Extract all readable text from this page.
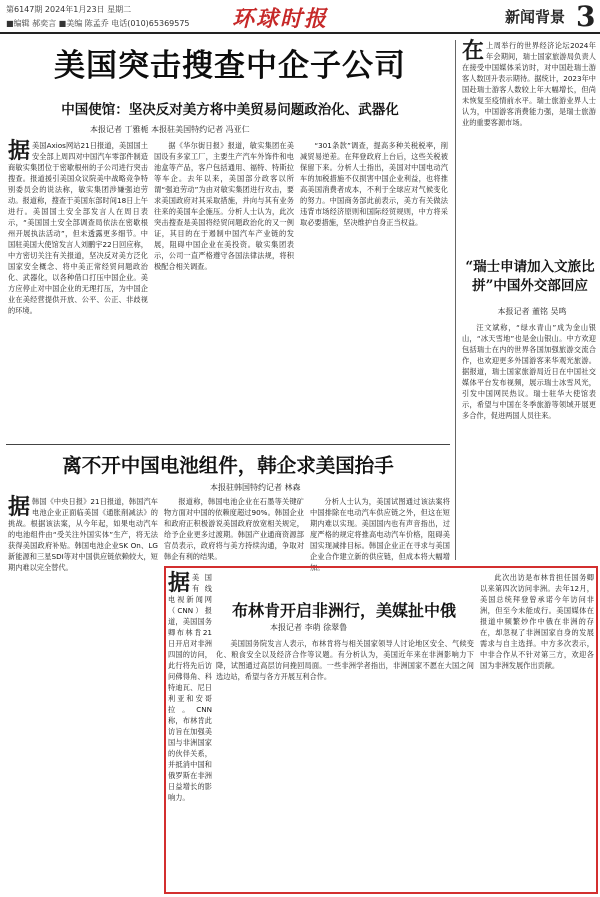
第6147期 2024年1月23日 星期二
■编辑 郝奕言 ■美编 陈孟乔 电话(010)65369575 环球时报	新闻背景 3
美国突击搜查中企子公司
中国使馆：坚决反对美方将中美贸易问题政治化、武器化
本报记者 丁雅栀 本报驻美国特约记者 冯亚仁
据 美国Axios网站21日报道，美国国土安全部上周四对中国汽车零部件制造商敏实集团位于密歇根州的子公司进行突击搜查。报道援引美国众议院美中战略竞争特别委员会的说法称，敏实集团涉嫌强迫劳动。报道称，搜查于美国东部时间18日上午进行。美国国土安全部发言人在周日表示，“美国国土安全部调查局依法在密歇根州开展执法活动”，但未透露更多细节。中国驻美国大使馆发言人刘鹏宇22日回应称，中方密切关注有关报道，坚决反对美方泛化国家安全概念、将中美正常经贸问题政治化、武器化，以各种借口打压中国企业。美方应停止对中国企业的无理打压，为中国企业在美经营提供开放、公平、公正、非歧视的环境。

据《华尔街日报》报道，敏实集团在美国设有多家工厂，主要生产汽车外饰件和电池盒等产品，客户包括通用、福特、特斯拉等车企。去年以来，美国部分政客以所谓“强迫劳动”为由对敏实集团进行攻击，要求美国政府对其采取措施，并向与其有业务往来的美国车企施压。分析人士认为，此次突击搜查是美国将经贸问题政治化的又一例证，其目的在于遏制中国汽车产业链的发展，阻碍中国企业在美投资。敏实集团表示，公司一直严格遵守各国法律法规，将积极配合相关调查。

“301条款”调查，提高多种关税税率，削减贸易逆差。在拜登政府上台后，这些关税被保留下来。分析人士指出，美国对中国电动汽车的加税措施不仅损害中国企业利益，也将推高美国消费者成本，不利于全球应对气候变化的努力。中国商务部此前表示，美方有关做法违背市场经济原则和国际经贸规则，中方将采取必要措施，坚决维护自身正当权益。

离不开中国电池组件，韩企求美国抬手
本报驻韩国特约记者 林森
据 韩国《中央日报》21日报道，韩国汽车电池企业正面临美国《通胀削减法》的挑战。根据该法案，从今年起，如果电动汽车的电池组件由“受关注外国实体”生产，将无法获得美国政府补贴。韩国电池企业SK On、LG新能源和三星SDI等对中国供应链依赖较大，短期内难以完全替代。

报道称，韩国电池企业在石墨等关键矿物方面对中国的依赖度超过90%。韩国企业和政府正积极游说美国政府放宽相关规定，给予企业更多过渡期。韩国产业通商资源部官员表示，政府将与美方持续沟通，争取对韩企有利的结果。

分析人士认为，美国试图通过该法案将中国排除在电动汽车供应链之外，但这在短期内难以实现。美国国内也有声音指出，过度严格的规定将推高电动汽车价格，阻碍美国实现减排目标。韩国企业正在寻求与美国企业合作建立新的供应链，但成本将大幅增加。

在 上周举行的世界经济论坛2024年年会期间，瑞士国家旅游局负责人在接受中国媒体采访时，对中国赴瑞士游客人数回升表示期待。据统计，2023年中国赴瑞士游客人数较上年大幅增长，但尚未恢复至疫情前水平。瑞士旅游业界人士认为，中国游客消费能力强，是瑞士旅游业的重要客源市场。
“瑞士申请加入文旅比拼”中国外交部回应
本报记者 董铭 吴鸣

汪文斌称，“绿水青山”成为金山银山，“冰天雪地”也是金山银山。中方欢迎包括瑞士在内的世界各国加强旅游交流合作，也欢迎更多外国游客来华观光旅游。据报道，瑞士国家旅游局近日在中国社交媒体平台发布视频，展示瑞士冰雪风光，引发中国网民热议。瑞士驻华大使馆表示，希望与中国在冬季旅游等领域开展更多合作，促进两国人员往来。

布林肯开启非洲行，美媒扯中俄
本报记者 李萌 徐翠鲁
据 美国有线电视新闻网（CNN）报道，美国国务卿布林肯21日开启对非洲四国的访问，此行将先后访问佛得角、科特迪瓦、尼日利亚和安哥拉。CNN称，布林肯此访旨在加强美国与非洲国家的伙伴关系，并抵消中国和俄罗斯在非洲日益增长的影响力。

美国国务院发言人表示，布林肯将与相关国家领导人讨论地区安全、气候变化、粮食安全以及经济合作等议题。有分析认为，美国近年来在非洲影响力下降，试图通过高层访问挽回局面。一些非洲学者指出，非洲国家不愿在大国之间选边站，希望与各方开展互利合作。

此次出访是布林肯担任国务卿以来第四次访问非洲。去年12月，美国总统拜登曾承诺今年访问非洲，但至今未能成行。美国媒体在报道中频繁炒作中俄在非洲的存在，却忽视了非洲国家自身的发展需求与自主选择。中方多次表示，中非合作从不针对第三方，欢迎各国为非洲发展作出贡献。
